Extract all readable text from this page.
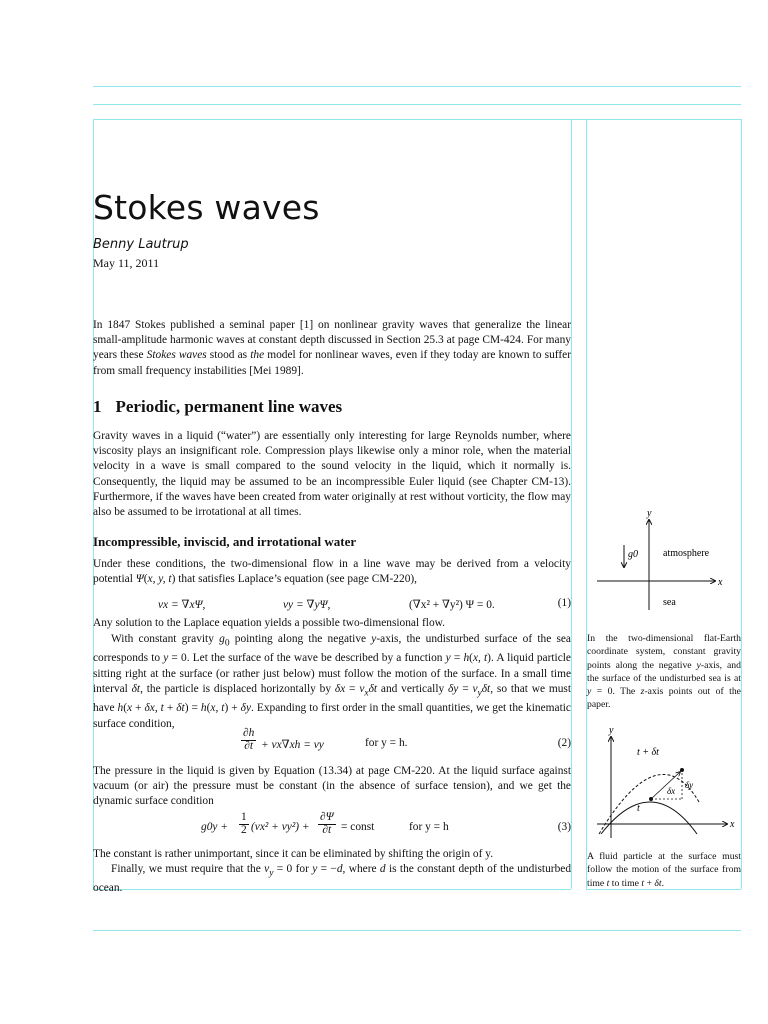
Stokes waves
Benny Lautrup
May 11, 2011
In 1847 Stokes published a seminal paper [1] on nonlinear gravity waves that generalize the linear small-amplitude harmonic waves at constant depth discussed in Section 25.3 at page CM-424. For many years these Stokes waves stood as the model for nonlinear waves, even if they today are known to suffer from small frequency instabilities [Mei 1989].
1 Periodic, permanent line waves
Gravity waves in a liquid (“water”) are essentially only interesting for large Reynolds number, where viscosity plays an insignificant role. Compression plays likewise only a minor role, when the material velocity in a wave is small compared to the sound velocity in the liquid, which it normally is. Consequently, the liquid may be assumed to be an incompressible Euler liquid (see Chapter CM-13). Furthermore, if the waves have been created from water originally at rest without vorticity, the flow may also be assumed to be irrotational at all times.
Incompressible, inviscid, and irrotational water
Under these conditions, the two-dimensional flow in a line wave may be derived from a velocity potential Ψ(x, y, t) that satisfies Laplace’s equation (see page CM-220),
vx = ∇xΨ,	vy = ∇yΨ,	(∇x² + ∇y²) Ψ = 0.	(1)
Any solution to the Laplace equation yields a possible two-dimensional flow.
With constant gravity $g_0$ pointing along the negative y-axis, the undisturbed surface of the sea corresponds to y = 0. Let the surface of the wave be described by a function y = h(x, t). A liquid particle sitting right at the surface (or rather just below) must follow the motion of the surface. In a small time interval δt, the particle is displaced horizontally by $\delta x = v_x\delta t$ and vertically $\delta y = v_y\delta t$, so that we must have h(x + δx, t + δt) = h(x, t) + δy. Expanding to first order in the small quantities, we get the kinematic surface condition,
$\frac{\partial h}{\partial t} + vx\nabla xh$ = vy	for y = h.	(2)
The pressure in the liquid is given by Equation (13.34) at page CM-220. At the liquid surface against vacuum (or air) the pressure must be constant (in the absence of surface tension), and we get the dynamic surface condition
$g0y + \frac{1}{2} (vx^2 + vy^2) + \frac{\partial\Psi}{\partial t}$ = const	for y = h	(3)
The constant is rather unimportant, since it can be eliminated by shifting the origin of y.
Finally, we must require that the $v_y = 0$ for y = −d, where d is the constant depth of the undisturbed ocean.
y
x
g0	atmosphere
sea
In the two-dimensional flat-Earth coordinate system, constant gravity points along the negative y-axis, and the surface of the undisturbed sea is at y = 0. The z-axis points out of the paper.
y
x
t
t + δt
δx
δy
A fluid particle at the surface must follow the motion of the surface from time t to time t + δt.
